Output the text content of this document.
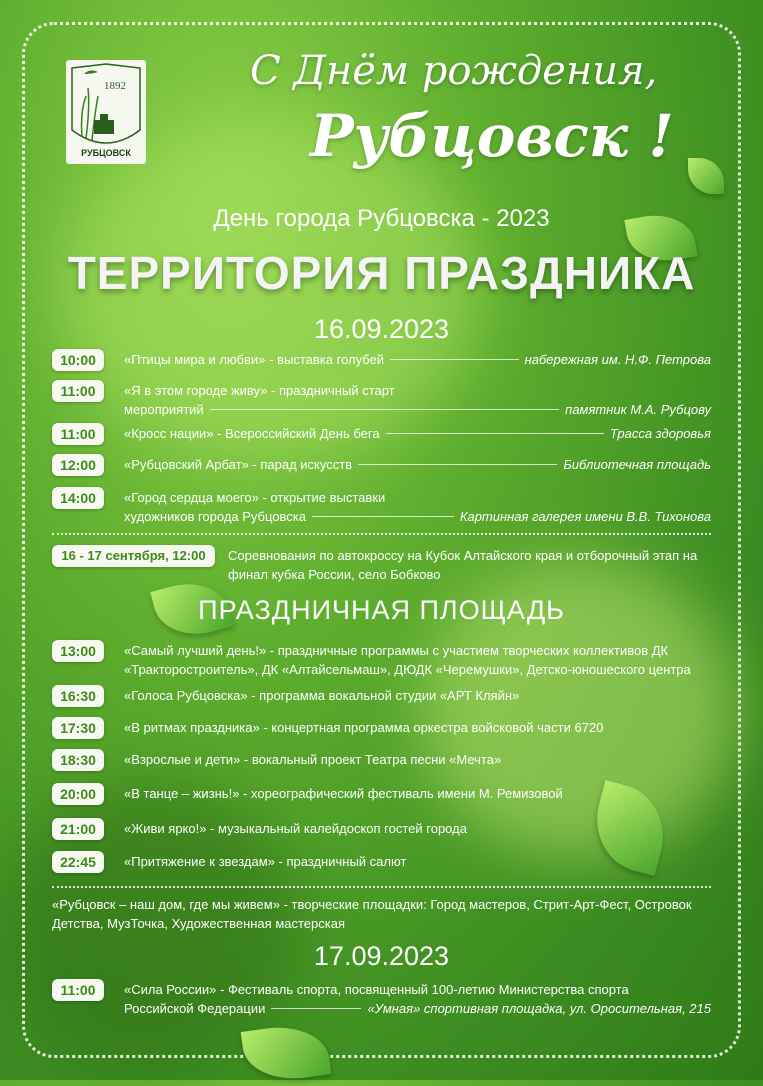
1892
РУБЦОВСК
С Днём рождения,
Рубцовск !
День города Рубцовска - 2023
ТЕРРИТОРИЯ ПРАЗДНИКА
16.09.2023
10:00	«Птицы мира и любви» - выставка голубей	набережная им. Н.Ф. Петрова
11:00	«Я в этом городе живу» - праздничный старт
мероприятий	памятник М.А. Рубцову
11:00	«Кросс нации» - Всероссийский День бега	Трасса здоровья
12:00	«Рубцовский Арбат» - парад искусств	Библиотечная площадь
14:00	«Город сердца моего» - открытие выставки
художников города Рубцовска	Картинная галерея имени В.В. Тихонова
16 - 17 сентября, 12:00	Соревнования по автокроссу на Кубок Алтайского края и отборочный этап на финал кубка России, село Бобково
ПРАЗДНИЧНАЯ ПЛОЩАДЬ
13:00	«Самый лучший день!» - праздничные программы с участием творческих коллективов ДК «Тракторостроитель», ДК «Алтайсельмаш», ДЮДК «Черемушки», Детско-юношеского центра
16:30	«Голоса Рубцовска» - программа вокальной студии «АРТ Кляйн»
17:30	«В ритмах праздника» - концертная программа оркестра войсковой части 6720
18:30	«Взрослые и дети» - вокальный проект Театра песни «Мечта»
20:00	«В танце – жизнь!» - хореографический фестиваль имени М. Ремизовой
21:00	«Живи ярко!» - музыкальный калейдоскоп гостей города
22:45	«Притяжение к звездам» - праздничный салют
«Рубцовск – наш дом, где мы живем» - творческие площадки: Город мастеров, Стрит-Арт-Фест, Островок Детства, МузТочка, Художественная мастерская
17.09.2023
11:00	«Сила России» - Фестиваль спорта, посвященный 100-летию Министерства спорта
Российской Федерации	«Умная» спортивная площадка, ул. Оросительная, 215
